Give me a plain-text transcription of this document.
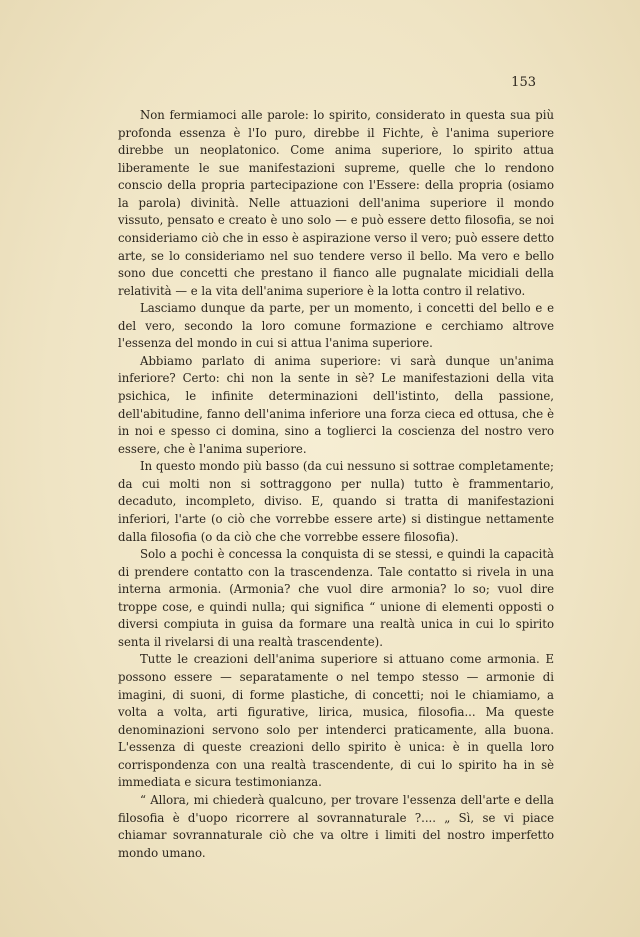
153

Non fermiamoci alle parole: lo spirito, considerato in questa sua più profonda essenza è l'Io puro, direbbe il Fichte, è l'anima superiore direbbe un neoplatonico. Come anima superiore, lo spirito attua liberamente le sue manifestazioni supreme, quelle che lo rendono conscio della propria partecipazione con l'Essere: della propria (osiamo la parola) divinità. Nelle attuazioni dell'anima superiore il mondo vissuto, pensato e creato è uno solo — e può essere detto filosofia, se noi consideriamo ciò che in esso è aspirazione verso il vero; può essere detto arte, se lo consideriamo nel suo tendere verso il bello. Ma vero e bello sono due concetti che prestano il fianco alle pugnalate micidiali della relatività — e la vita dell'anima superiore è la lotta contro il relativo.

Lasciamo dunque da parte, per un momento, i concetti del bello e e del vero, secondo la loro comune formazione e cerchiamo altrove l'essenza del mondo in cui si attua l'anima superiore.

Abbiamo parlato di anima superiore: vi sarà dunque un'anima inferiore? Certo: chi non la sente in sè? Le manifestazioni della vita psichica, le infinite determinazioni dell'istinto, della passione, dell'abitudine, fanno dell'anima inferiore una forza cieca ed ottusa, che è in noi e spesso ci domina, sino a toglierci la coscienza del nostro vero essere, che è l'anima superiore.

In questo mondo più basso (da cui nessuno si sottrae completamente; da cui molti non si sottraggono per nulla) tutto è frammentario, decaduto, incompleto, diviso. E, quando si tratta di manifestazioni inferiori, l'arte (o ciò che vorrebbe essere arte) si distingue nettamente dalla filosofia (o da ciò che che vorrebbe essere filosofia).

Solo a pochi è concessa la conquista di se stessi, e quindi la capacità di prendere contatto con la trascendenza. Tale contatto si rivela in una interna armonia. (Armonia? che vuol dire armonia? lo so; vuol dire troppe cose, e quindi nulla; qui significa “ unione di elementi opposti o diversi compiuta in guisa da formare una realtà unica in cui lo spirito senta il rivelarsi di una realtà trascendente).

Tutte le creazioni dell'anima superiore si attuano come armonia. E possono essere — separatamente o nel tempo stesso — armonie di imagini, di suoni, di forme plastiche, di concetti; noi le chiamiamo, a volta a volta, arti figurative, lirica, musica, filosofia... Ma queste denominazioni servono solo per intenderci praticamente, alla buona. L'essenza di queste creazioni dello spirito è unica: è in quella loro corrispondenza con una realtà trascendente, di cui lo spirito ha in sè immediata e sicura testimonianza.

“ Allora, mi chiederà qualcuno, per trovare l'essenza dell'arte e della filosofia è d'uopo ricorrere al sovrannaturale ?.... „ Sì, se vi piace chiamar sovrannaturale ciò che va oltre i limiti del nostro imperfetto mondo umano.
